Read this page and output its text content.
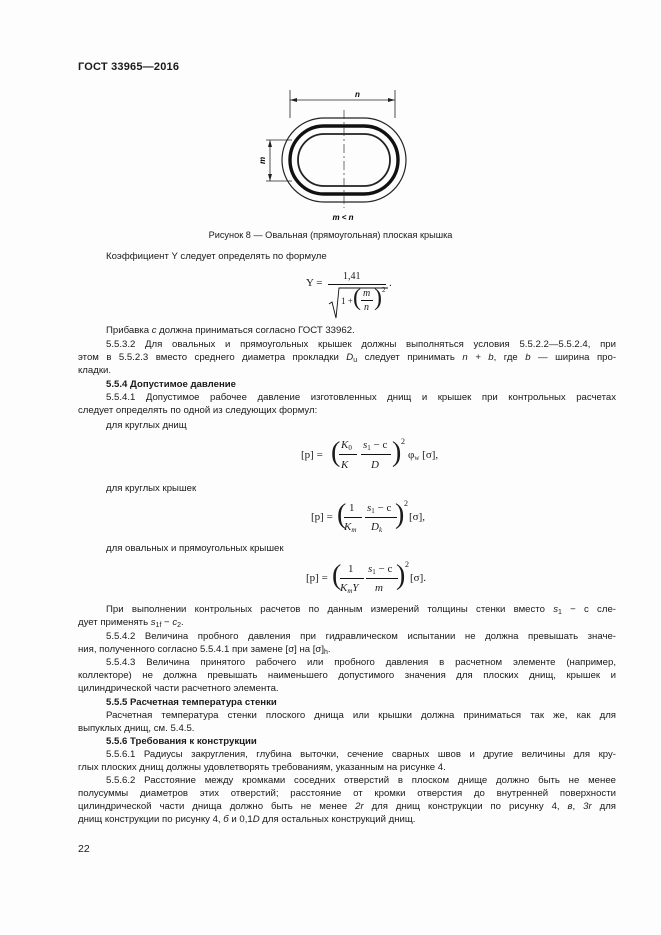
ГОСТ 33965—2016
n
m
m < n
Рисунок 8 — Овальная (прямоугольная) плоская крышка
Коэффициент Y следует определять по формуле
Y =
1,41
1 + ( m
n ) 2
.
Прибавка c должна приниматься согласно ГОСТ 33962.
5.5.3.2 Для овальных и прямоугольных крышек должны выполняться условия 5.5.2.2—5.5.2.4, при
этом в 5.5.2.3 вместо среднего диаметра прокладки $D_u$ следует принимать n + b, где b — ширина про-
кладки.
5.5.4 Допустимое давление
5.5.4.1 Допустимое рабочее давление изготовленных днищ и крышек при контрольных расчетах
следует определять по одной из следующих формул:
для круглых днищ
[p] = ( $K_0$
K
$s_1 - c$
D ) 2
$\varphi_w$ [σ],
для круглых крышек
[p] = ( 1
$K_m$
$s_1 - c$
$D_k$ ) 2
[σ],
для овальных и прямоугольных крышек
[p] = ( 1
$K_mY$
$s_1 - c$
m ) 2
[σ].
При выполнении контрольных расчетов по данным измерений толщины стенки вместо $s_1 - c$ сле-
дует применять $s_{1f} - c_2$.
5.5.4.2 Величина пробного давления при гидравлическом испытании не должна превышать значе-
ния, полученного согласно 5.5.4.1 при замене [σ] на $[\sigma]_h$.
5.5.4.3 Величина принятого рабочего или пробного давления в расчетном элементе (например,
коллекторе) не должна превышать наименьшего допустимого значения для плоских днищ, крышек и
цилиндрической части расчетного элемента.
5.5.5 Расчетная температура стенки
Расчетная температура стенки плоского днища или крышки должна приниматься так же, как для
выпуклых днищ, см. 5.4.5.
5.5.6 Требования к конструкции
5.5.6.1 Радиусы закругления, глубина выточки, сечение сварных швов и другие величины для кру-
глых плоских днищ должны удовлетворять требованиям, указанным на рисунке 4.
5.5.6.2 Расстояние между кромками соседних отверстий в плоском днище должно быть не менее
полусуммы диаметров этих отверстий; расстояние от кромки отверстия до внутренней поверхности
цилиндрической части днища должно быть не менее 2r для днищ конструкции по рисунку 4, в, 3r для
днищ конструкции по рисунку 4, б и 0,1D для остальных конструкций днищ.
22
